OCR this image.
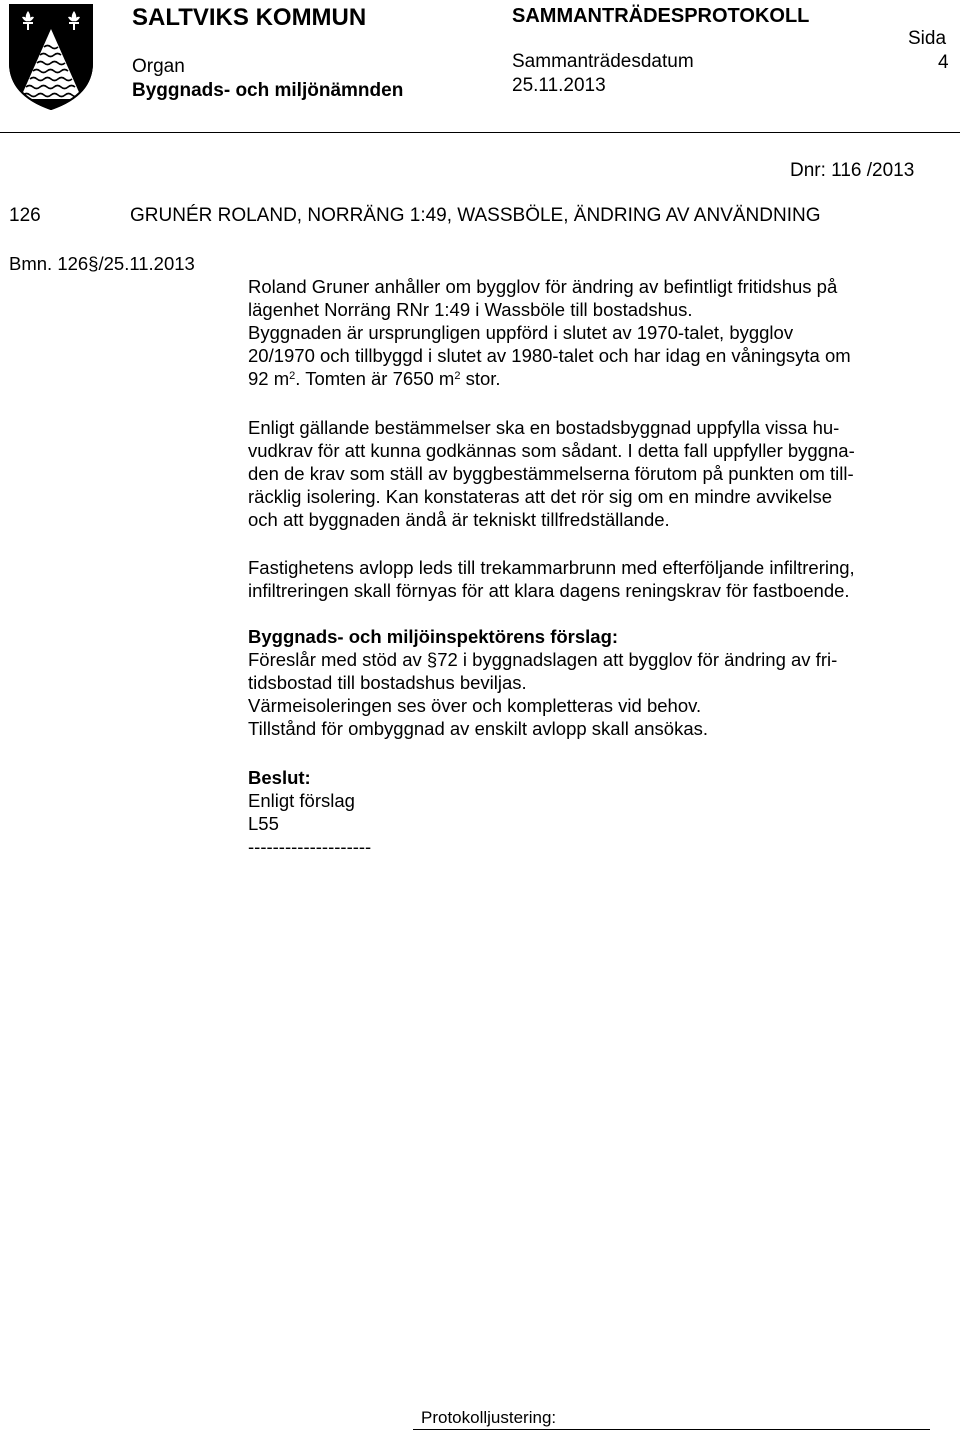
SALTVIKS KOMMUN	SAMMANTRÄDESPROTOKOLL
Sida
4
Organ
Byggnads- och miljönämnden
Sammanträdesdatum
25.11.2013
Dnr: 116 /2013
126	GRUNÉR ROLAND, NORRÄNG 1:49, WASSBÖLE, ÄNDRING AV ANVÄNDNING
Bmn. 126§/25.11.2013
Roland Gruner anhåller om bygglov för ändring av befintligt fritidshus på
lägenhet Norräng RNr 1:49 i Wassböle till bostadshus.
Byggnaden är ursprungligen uppförd i slutet av 1970-talet, bygglov
20/1970 och tillbyggd i slutet av 1980-talet och har idag en våningsyta om
92 $m^2$. Tomten är 7650 $m^2$ stor.
Enligt gällande bestämmelser ska en bostadsbyggnad uppfylla vissa hu-
vudkrav för att kunna godkännas som sådant. I detta fall uppfyller byggna-
den de krav som ställ av byggbestämmelserna förutom på punkten om till-
räcklig isolering. Kan konstateras att det rör sig om en mindre avvikelse
och att byggnaden ändå är tekniskt tillfredställande.
Fastighetens avlopp leds till trekammarbrunn med efterföljande infiltrering,
infiltreringen skall förnyas för att klara dagens reningskrav för fastboende.
Byggnads- och miljöinspektörens förslag:
Föreslår med stöd av §72 i byggnadslagen att bygglov för ändring av fri-
tidsbostad till bostadshus beviljas.
Värmeisoleringen ses över och kompletteras vid behov.
Tillstånd för ombyggnad av enskilt avlopp skall ansökas.
Beslut:
Enligt förslag
L55
--------------------
Protokolljustering:
